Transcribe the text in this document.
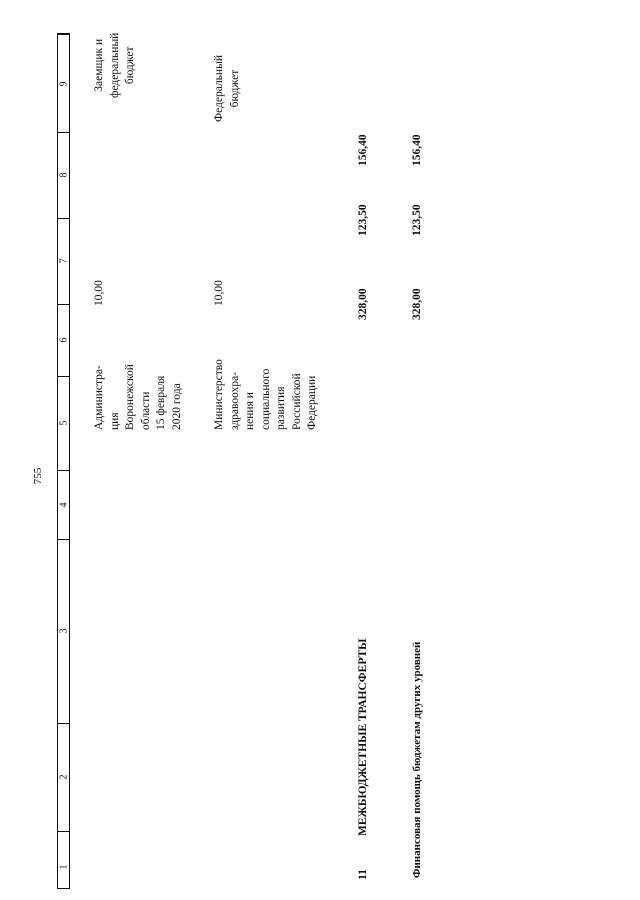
755
9
8
7
6
5
4
3
2
1
Администра- ция Воронежской области 15 февраля 2020 года
10,00
Заемщик и федеральный бюджет
Министерство здравоохра- нения и социального развития Российской Федерации
10,00
Федеральный бюджет
11
МЕЖБЮДЖЕТНЫЕ ТРАНСФЕРТЫ
328,00
123,50
156,40
Финансовая помощь бюджетам других уровней
328,00
123,50
156,40
